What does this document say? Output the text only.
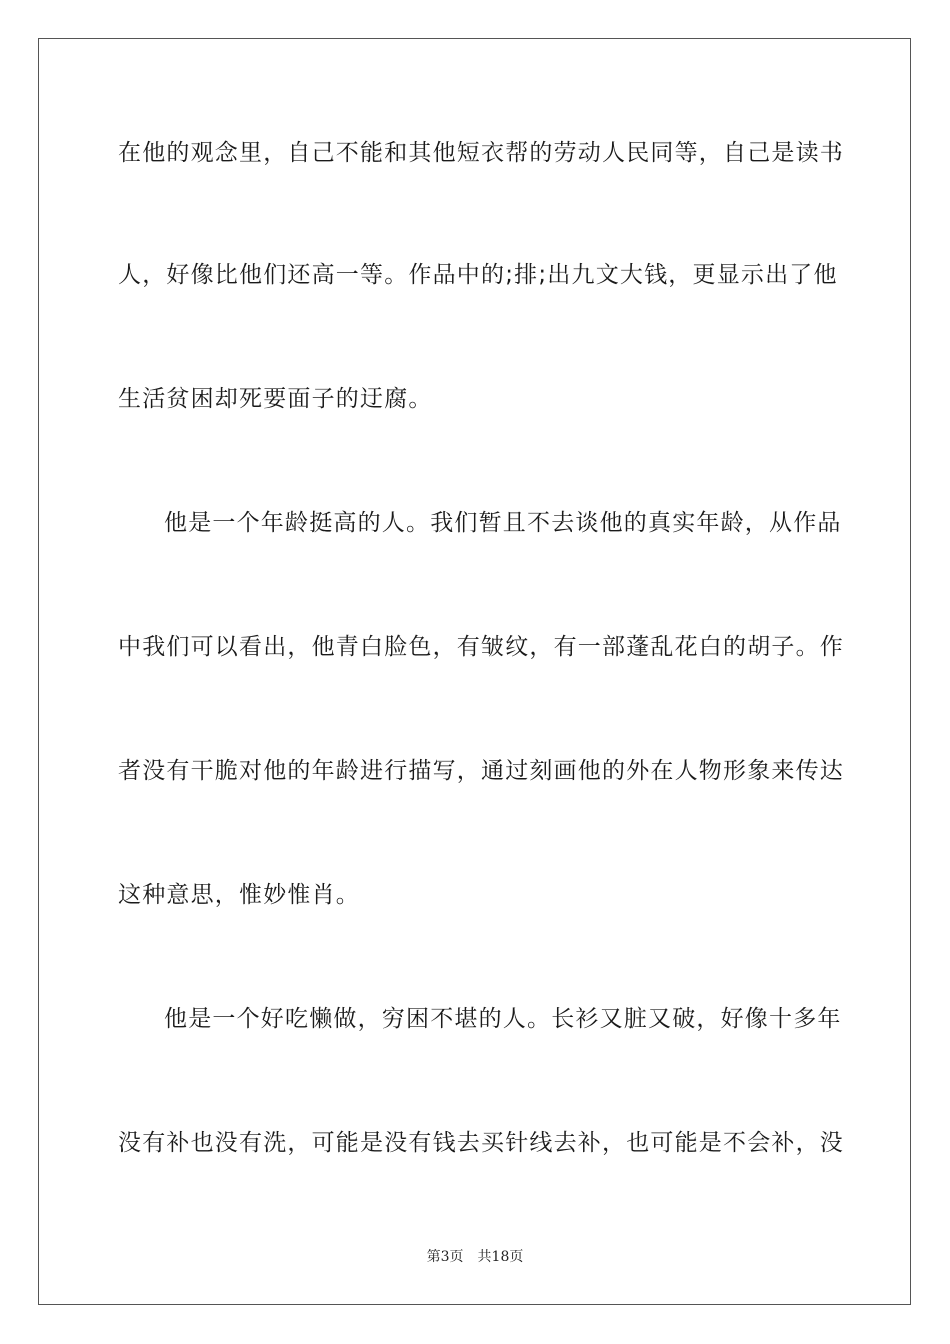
在他的观念里，自己不能和其他短衣帮的劳动人民同等，自己是读书
人，好像比他们还高一等。作品中的;排;出九文大钱，更显示出了他
生活贫困却死要面子的迂腐。
他是一个年龄挺高的人。我们暂且不去谈他的真实年龄，从作品
中我们可以看出，他青白脸色，有皱纹，有一部蓬乱花白的胡子。作
者没有干脆对他的年龄进行描写，通过刻画他的外在人物形象来传达
这种意思，惟妙惟肖。
他是一个好吃懒做，穷困不堪的人。长衫又脏又破，好像十多年
没有补也没有洗，可能是没有钱去买针线去补，也可能是不会补，没
第3页 共18页
